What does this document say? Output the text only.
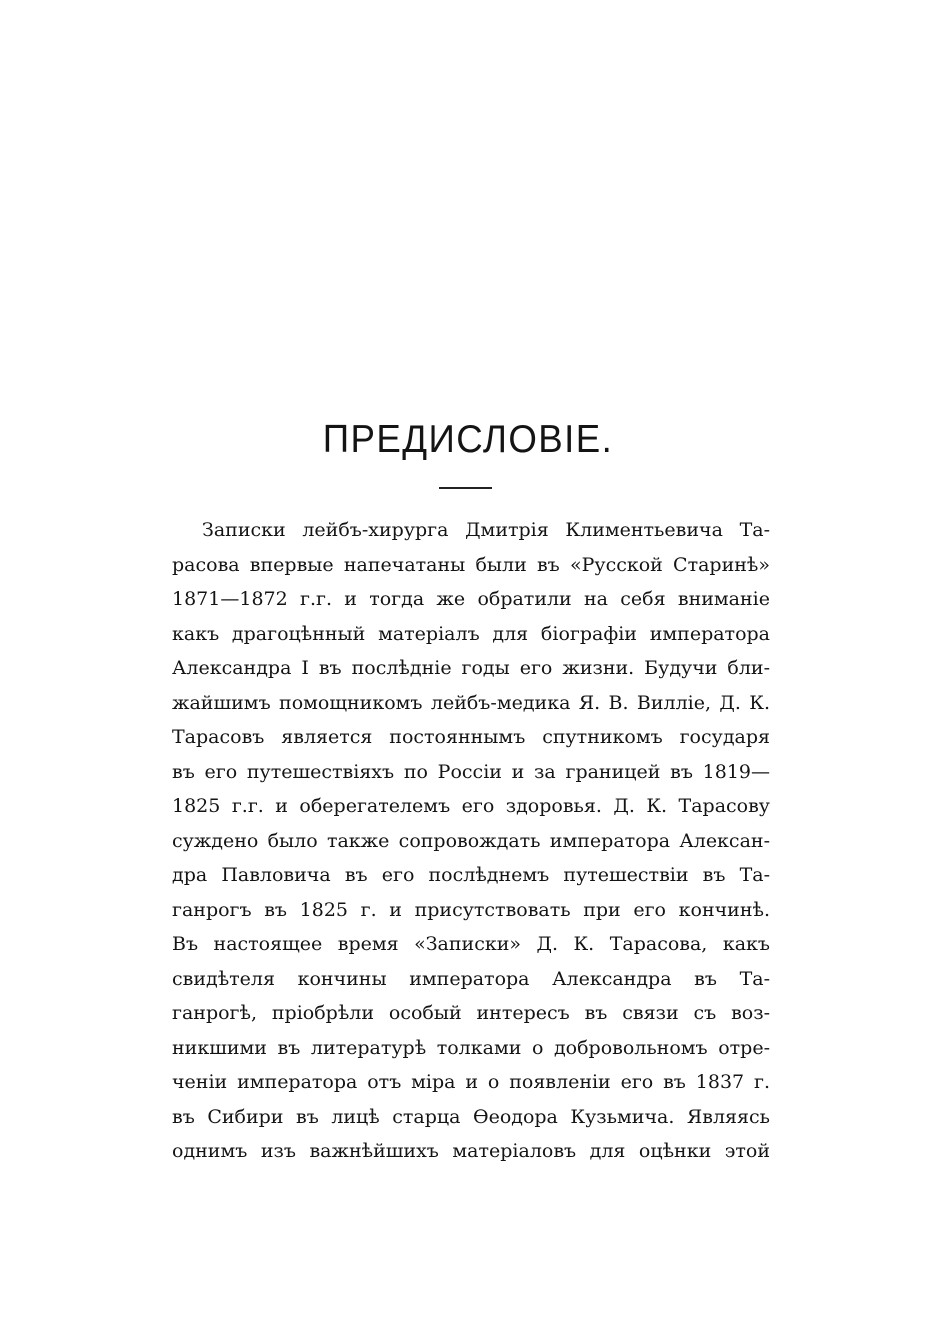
ПРЕДИСЛОВІЕ.
Записки лейбъ-хирурга Дмитрія Климентьевича Та-
расова впервые напечатаны были въ «Русской Старинѣ»
1871—1872 г.г. и тогда же обратили на себя вниманіе
какъ драгоцѣнный матеріалъ для біографіи императора
Александра I въ послѣдніе годы его жизни. Будучи бли-
жайшимъ помощникомъ лейбъ-медика Я. В. Вилліе, Д. К.
Тарасовъ является постояннымъ спутникомъ государя
въ его путешествіяхъ по Россіи и за границей въ 1819—
1825 г.г. и оберегателемъ его здоровья. Д. К. Тарасову
суждено было также сопровождать императора Алексан-
дра Павловича въ его послѣднемъ путешествіи въ Та-
ганрогъ въ 1825 г. и присутствовать при его кончинѣ.
Въ настоящее время «Записки» Д. К. Тарасова, какъ
свидѣтеля кончины императора Александра въ Та-
ганрогѣ, пріобрѣли особый интересъ въ связи съ воз-
никшими въ литературѣ толками о добровольномъ отре-
ченіи императора отъ міра и о появленіи его въ 1837 г.
въ Сибири въ лицѣ старца Ѳеодора Кузьмича. Являясь
однимъ изъ важнѣйшихъ матеріаловъ для оцѣнки этой
